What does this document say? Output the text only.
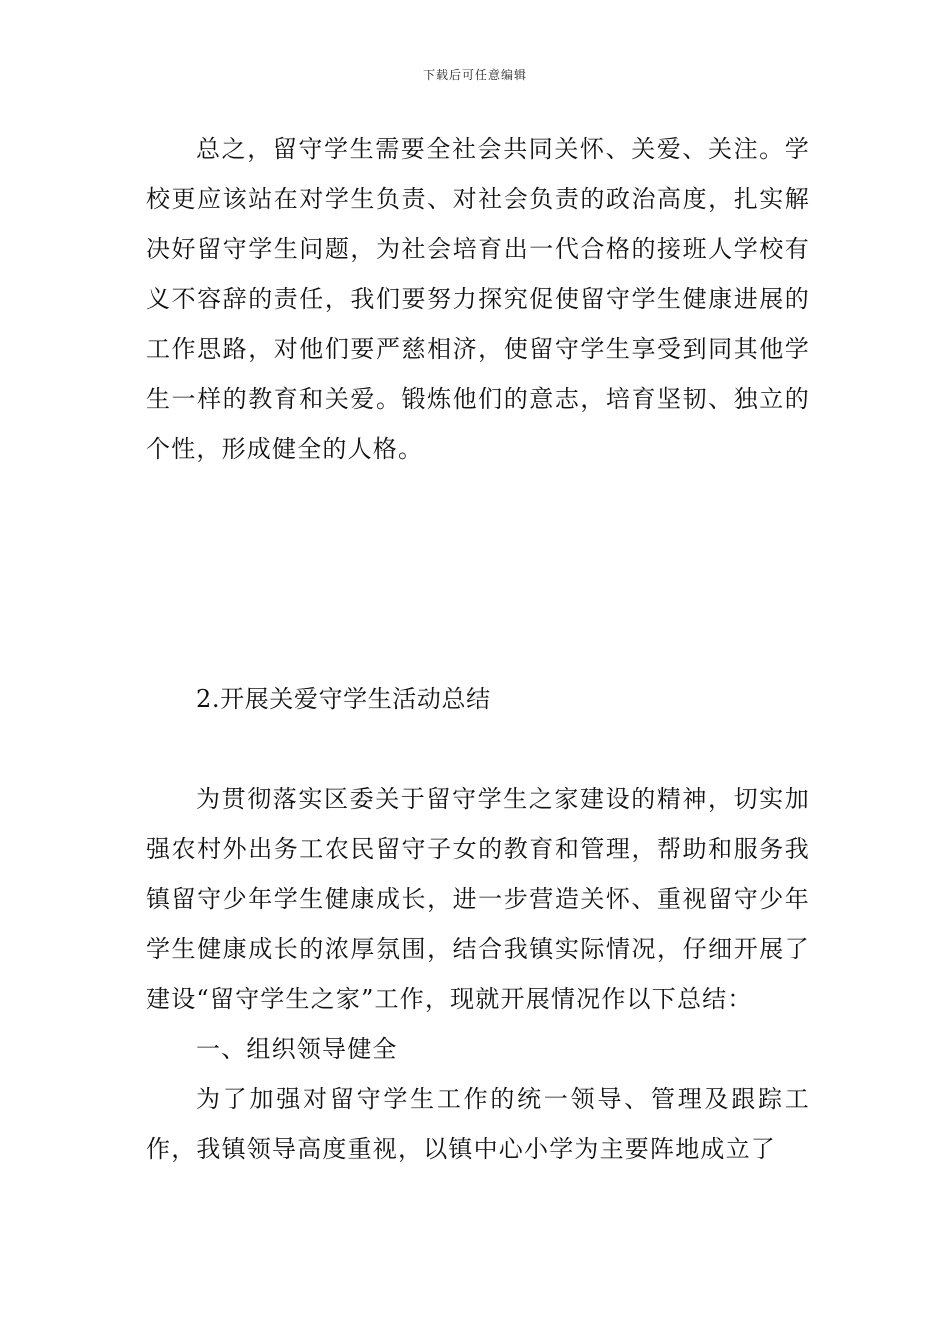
下载后可任意编辑

总之，留守学生需要全社会共同关怀、关爱、关注。学校更应该站在对学生负责、对社会负责的政治高度，扎实解决好留守学生问题，为社会培育出一代合格的接班人学校有义不容辞的责任，我们要努力探究促使留守学生健康进展的工作思路，对他们要严慈相济，使留守学生享受到同其他学生一样的教育和关爱。锻炼他们的意志，培育坚韧、独立的个性，形成健全的人格。

2.开展关爱守学生活动总结

为贯彻落实区委关于留守学生之家建设的精神，切实加强农村外出务工农民留守子女的教育和管理，帮助和服务我镇留守少年学生健康成长，进一步营造关怀、重视留守少年学生健康成长的浓厚氛围，结合我镇实际情况，仔细开展了建设“留守学生之家”工作，现就开展情况作以下总结：

一、组织领导健全

为了加强对留守学生工作的统一领导、管理及跟踪工作，我镇领导高度重视，以镇中心小学为主要阵地成立了
